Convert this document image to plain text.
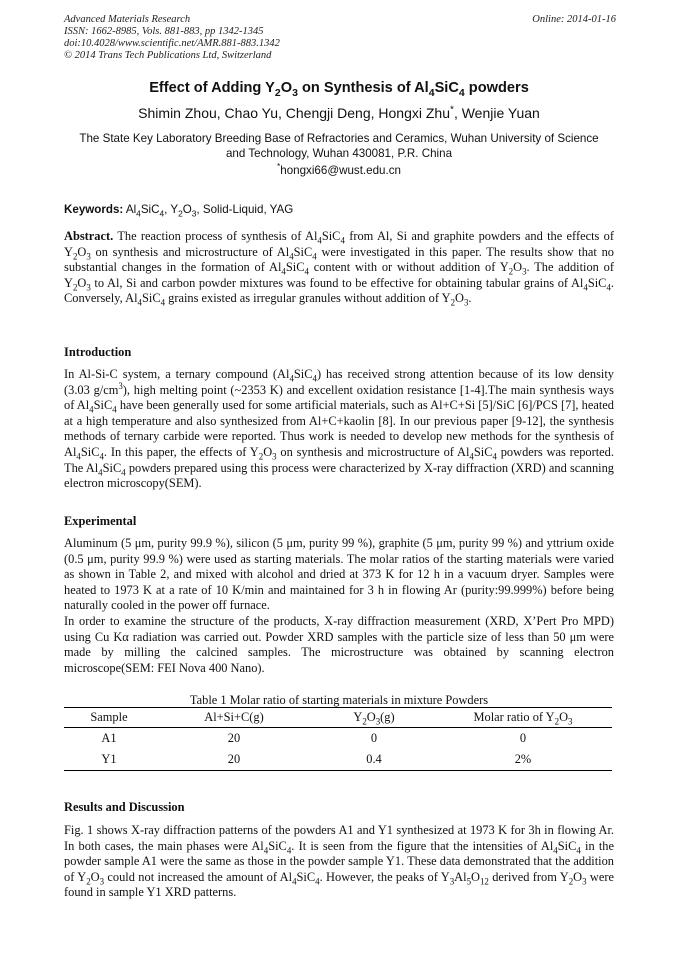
Advanced Materials Research
ISSN: 1662-8985, Vols. 881-883, pp 1342-1345
doi:10.4028/www.scientific.net/AMR.881-883.1342
© 2014 Trans Tech Publications Ltd, Switzerland
Online: 2014-01-16
Effect of Adding $Y_2O_3$ on Synthesis of $Al_4SiC_4$ powders
Shimin Zhou, Chao Yu, Chengji Deng, Hongxi Zhu*, Wenjie Yuan
The State Key Laboratory Breeding Base of Refractories and Ceramics, Wuhan University of Science and Technology, Wuhan 430081, P.R. China
*hongxi66@wust.edu.cn
Keywords: $Al_4SiC_4$, $Y_2O_3$, Solid-Liquid, YAG
Abstract. The reaction process of synthesis of $Al_4SiC_4$ from Al, Si and graphite powders and the effects of $Y_2O_3$ on synthesis and microstructure of $Al_4SiC_4$ were investigated in this paper. The results show that no substantial changes in the formation of $Al_4SiC_4$ content with or without addition of $Y_2O_3$. The addition of $Y_2O_3$ to Al, Si and carbon powder mixtures was found to be effective for obtaining tabular grains of $Al_4SiC_4$. Conversely, $Al_4SiC_4$ grains existed as irregular granules without addition of $Y_2O_3$.
Introduction
In Al-Si-C system, a ternary compound $(Al_4SiC_4)$ has received strong attention because of its low density (3.03 $g/cm^3$), high melting point (~2353 K) and excellent oxidation resistance [1-4].The main synthesis ways of $Al_4SiC_4$ have been generally used for some artificial materials, such as Al+C+Si [5]/SiC [6]/PCS [7], heated at a high temperature and also synthesized from Al+C+kaolin [8]. In our previous paper [9-12], the synthesis methods of ternary carbide were reported. Thus work is needed to develop new methods for the synthesis of $Al_4SiC_4$. In this paper, the effects of $Y_2O_3$ on synthesis and microstructure of $Al_4SiC_4$ powders was reported. The $Al_4SiC_4$ powders prepared using this process were characterized by X-ray diffraction (XRD) and scanning electron microscopy(SEM).
Experimental
Aluminum (5 μm, purity 99.9 %), silicon (5 μm, purity 99 %), graphite (5 μm, purity 99 %) and yttrium oxide (0.5 μm, purity 99.9 %) were used as starting materials. The molar ratios of the starting materials were varied as shown in Table 2, and mixed with alcohol and dried at 373 K for 12 h in a vacuum dryer. Samples were heated to 1973 K at a rate of 10 K/min and maintained for 3 h in flowing Ar (purity:99.999%) before being naturally cooled in the power off furnace.
In order to examine the structure of the products, X-ray diffraction measurement (XRD, X’Pert Pro MPD) using Cu Kα radiation was carried out. Powder XRD samples with the particle size of less than 50 μm were made by milling the calcined samples. The microstructure was obtained by scanning electron microscope(SEM: FEI Nova 400 Nano).
Table 1 Molar ratio of starting materials in mixture Powders
Sample	Al+Si+C(g)	$Y_2O_3(g)$	Molar ratio of $Y_2O_3$
A1	20	0	0
Y1	20	0.4	2%
Results and Discussion
Fig. 1 shows X-ray diffraction patterns of the powders A1 and Y1 synthesized at 1973 K for 3h in flowing Ar. In both cases, the main phases were $Al_4SiC_4$. It is seen from the figure that the intensities of $Al_4SiC_4$ in the powder sample A1 were the same as those in the powder sample Y1. These data demonstrated that the addition of $Y_2O_3$ could not increased the amount of $Al_4SiC_4$. However, the peaks of $Y_3Al_5O_{12}$ derived from $Y_2O_3$ were found in sample Y1 XRD patterns.
